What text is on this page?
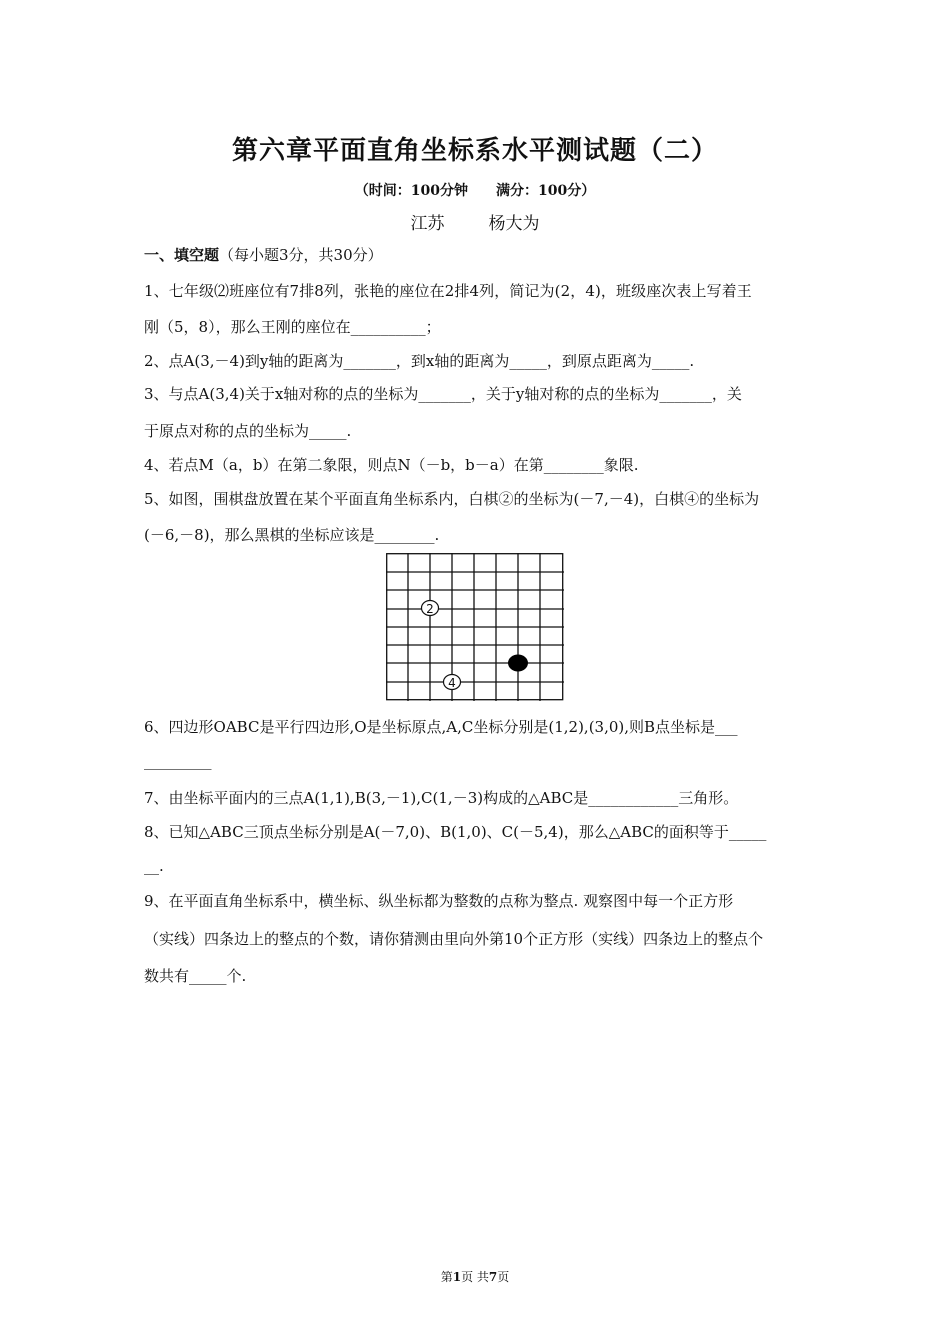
第六章平面直角坐标系水平测试题（二）
（时间：100分钟 满分：100分）
江苏	杨大为
一、填空题（每小题3分，共30分）
1、七年级⑵班座位有7排8列，张艳的座位在2排4列，简记为(2，4)，班级座次表上写着王
刚（5，8），那么王刚的座位在__________；
2、点A(3,－4)到y轴的距离为_______，到x轴的距离为_____，到原点距离为_____.
3、与点A(3,4)关于x轴对称的点的坐标为_______，关于y轴对称的点的坐标为_______，关
于原点对称的点的坐标为_____.
4、若点M（a，b）在第二象限，则点N（－b，b－a）在第________象限.
5、如图，围棋盘放置在某个平面直角坐标系内，白棋②的坐标为(－7,－4)，白棋④的坐标为
(－6,－8)，那么黑棋的坐标应该是________.
2
4
6、四边形OABC是平行四边形,O是坐标原点,A,C坐标分别是(1,2),(3,0),则B点坐标是___
_________
7、由坐标平面内的三点A(1,1),B(3,－1),C(1,－3)构成的△ABC是____________三角形。
8、已知△ABC三顶点坐标分别是A(－7,0)、B(1,0)、C(－5,4)，那么△ABC的面积等于_____
__.
9、在平面直角坐标系中，横坐标、纵坐标都为整数的点称为整点. 观察图中每一个正方形
（实线）四条边上的整点的个数，请你猜测由里向外第10个正方形（实线）四条边上的整点个
数共有_____个.
第1页 共7页
